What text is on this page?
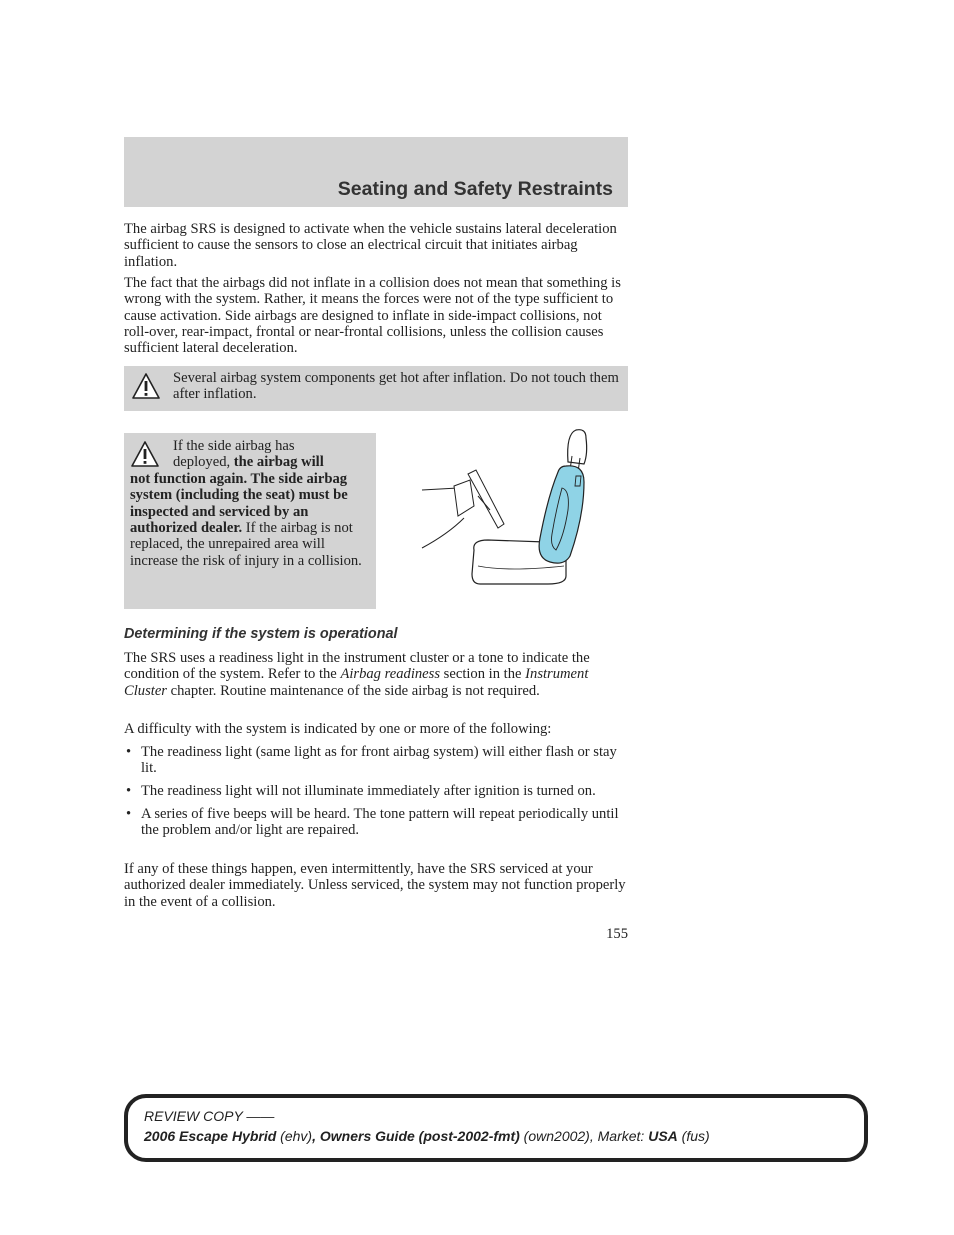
Seating and Safety Restraints

The airbag SRS is designed to activate when the vehicle sustains lateral deceleration sufficient to cause the sensors to close an electrical circuit that initiates airbag inflation.

The fact that the airbags did not inflate in a collision does not mean that something is wrong with the system. Rather, it means the forces were not of the type sufficient to cause activation. Side airbags are designed to inflate in side-impact collisions, not roll-over, rear-impact, frontal or near-frontal collisions, unless the collision causes sufficient lateral deceleration.

Several airbag system components get hot after inflation. Do not touch them after inflation.
If the side airbag has
deployed, the airbag will
not function again. The side airbag system (including the seat) must be inspected and serviced by an authorized dealer. If the airbag is not replaced, the unrepaired area will increase the risk of injury in a collision.
Determining if the system is operational

The SRS uses a readiness light in the instrument cluster or a tone to indicate the condition of the system. Refer to the Airbag readiness section in the Instrument Cluster chapter. Routine maintenance of the side airbag is not required.

A difficulty with the system is indicated by one or more of the following:

• The readiness light (same light as for front airbag system) will either flash or stay lit.
• The readiness light will not illuminate immediately after ignition is turned on.
• A series of five beeps will be heard. The tone pattern will repeat periodically until the problem and/or light are repaired.

If any of these things happen, even intermittently, have the SRS serviced at your authorized dealer immediately. Unless serviced, the system may not function properly in the event of a collision.

155
REVIEW COPY ——
2006 Escape Hybrid (ehv), Owners Guide (post-2002-fmt) (own2002), Market: USA (fus)
